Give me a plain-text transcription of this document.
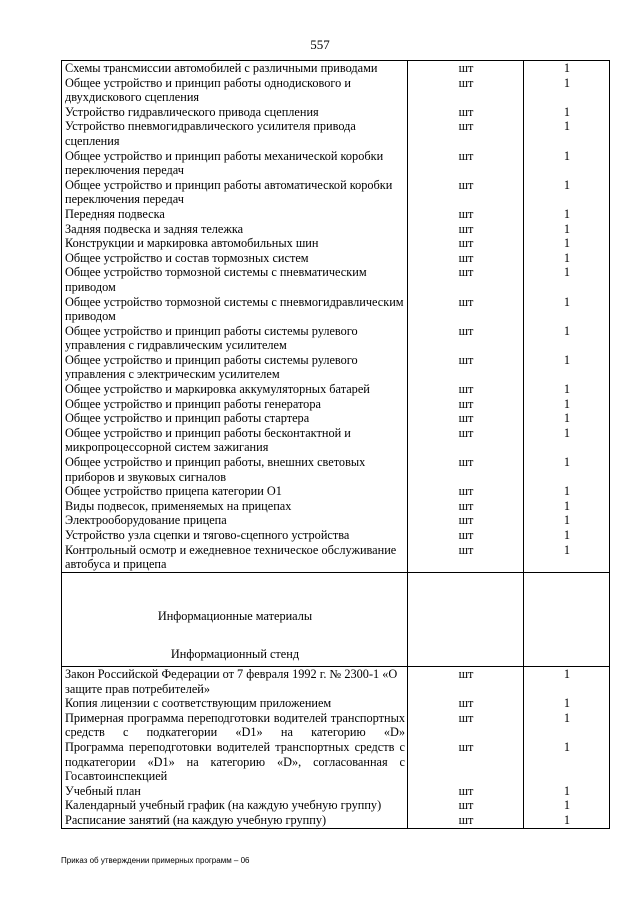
557
Схемы трансмиссии автомобилей с различными приводами	шт	1
Общее устройство и принцип работы однодискового и двухдискового сцепления	шт	1
Устройство гидравлического привода сцепления	шт	1
Устройство пневмогидравлического усилителя привода сцепления	шт	1
Общее устройство и принцип работы механической коробки переключения передач	шт	1
Общее устройство и принцип работы автоматической коробки переключения передач	шт	1
Передняя подвеска	шт	1
Задняя подвеска и задняя тележка	шт	1
Конструкции и маркировка автомобильных шин	шт	1
Общее устройство и состав тормозных систем	шт	1
Общее устройство тормозной системы с пневматическим приводом	шт	1
Общее устройство тормозной системы с пневмогидравлическим приводом	шт	1
Общее устройство и принцип работы системы рулевого управления с гидравлическим усилителем	шт	1
Общее устройство и принцип работы системы рулевого управления с электрическим усилителем	шт	1
Общее устройство и маркировка аккумуляторных батарей	шт	1
Общее устройство и принцип работы генератора	шт	1
Общее устройство и принцип работы стартера	шт	1
Общее устройство и принцип работы бесконтактной и микропроцессорной систем зажигания	шт	1
Общее устройство и принцип работы, внешних световых приборов и звуковых сигналов	шт	1
Общее устройство прицепа категории O1	шт	1
Виды подвесок, применяемых на прицепах	шт	1
Электрооборудование прицепа	шт	1
Устройство узла сцепки и тягово-сцепного устройства	шт	1
Контрольный осмотр и ежедневное техническое обслуживание автобуса и прицепа	шт	1

Информационные материалы		

Информационный стенд		
Закон Российской Федерации от 7 февраля 1992 г. № 2300-1 «О защите прав потребителей»	шт	1
Копия лицензии с соответствующим приложением	шт	1
Примерная программа переподготовки водителей транспортных средств с подкатегории «D1» на категорию «D»	шт	1
Программа переподготовки водителей транспортных средств с подкатегории «D1» на категорию «D», согласованная с Госавтоинспекцией	шт	1
Учебный план	шт	1
Календарный учебный график (на каждую учебную группу)	шт	1
Расписание занятий (на каждую учебную группу)	шт	1
Приказ об утверждении примерных программ – 06
